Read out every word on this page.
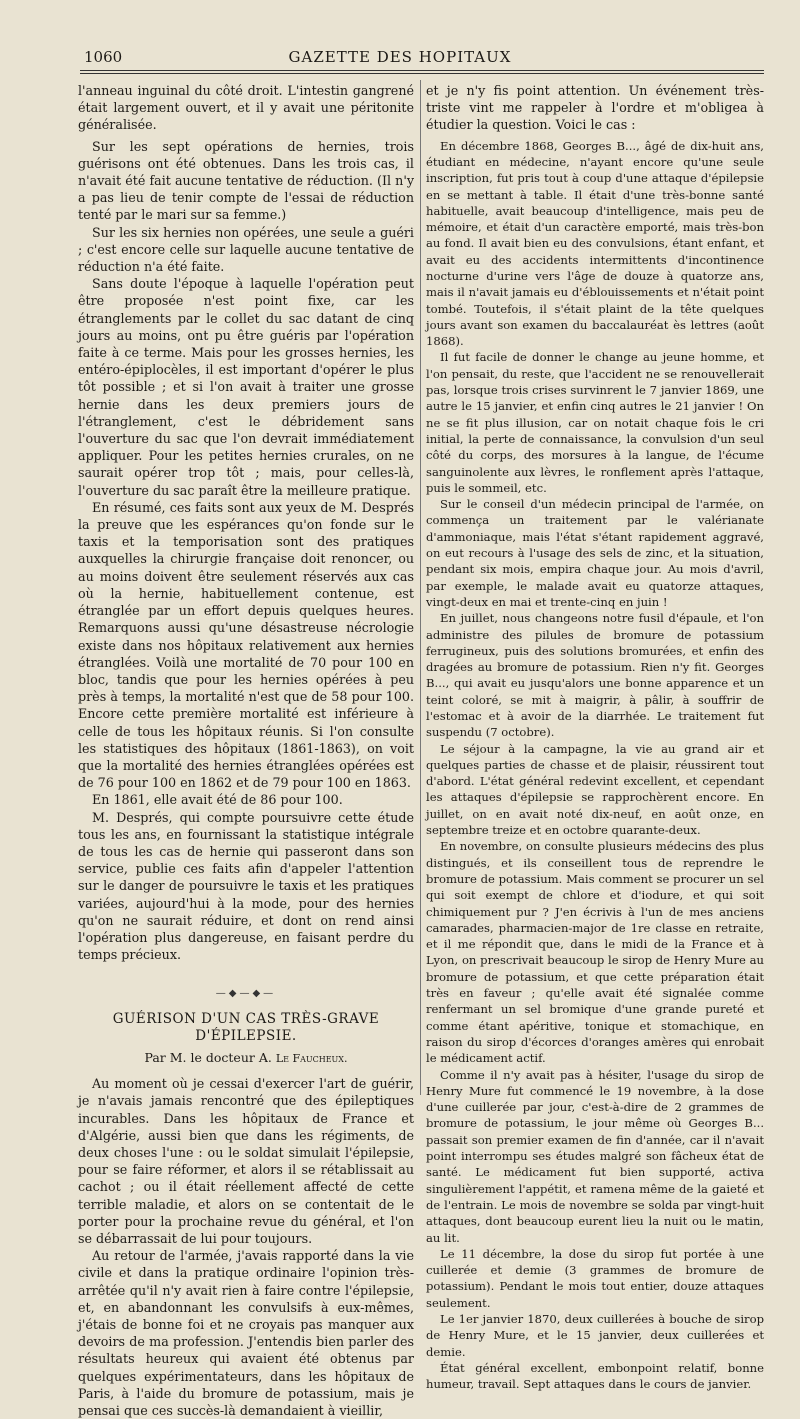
1060	GAZETTE DES HOPITAUX

l'anneau inguinal du côté droit. L'intestin gangrené était largement ouvert, et il y avait une péritonite généralisée.

Sur les sept opérations de hernies, trois guérisons ont été obtenues. Dans les trois cas, il n'avait été fait aucune tentative de réduction. (Il n'y a pas lieu de tenir compte de l'essai de réduction tenté par le mari sur sa femme.)

Sur les six hernies non opérées, une seule a guéri ; c'est encore celle sur laquelle aucune tentative de réduction n'a été faite.

Sans doute l'époque à laquelle l'opération peut être proposée n'est point fixe, car les étranglements par le collet du sac datant de cinq jours au moins, ont pu être guéris par l'opération faite à ce terme. Mais pour les grosses hernies, les entéro-épiplocèles, il est important d'opérer le plus tôt possible ; et si l'on avait à traiter une grosse hernie dans les deux premiers jours de l'étranglement, c'est le débridement sans l'ouverture du sac que l'on devrait immédiatement appliquer. Pour les petites hernies crurales, on ne saurait opérer trop tôt ; mais, pour celles-là, l'ouverture du sac paraît être la meilleure pratique.

En résumé, ces faits sont aux yeux de M. Després la preuve que les espérances qu'on fonde sur le taxis et la temporisation sont des pratiques auxquelles la chirurgie française doit renoncer, ou au moins doivent être seulement réservés aux cas où la hernie, habituellement contenue, est étranglée par un effort depuis quelques heures. Remarquons aussi qu'une désastreuse nécrologie existe dans nos hôpitaux relativement aux hernies étranglées. Voilà une mortalité de 70 pour 100 en bloc, tandis que pour les hernies opérées à peu près à temps, la mortalité n'est que de 58 pour 100. Encore cette première mortalité est inférieure à celle de tous les hôpitaux réunis. Si l'on consulte les statistiques des hôpitaux (1861-1863), on voit que la mortalité des hernies étranglées opérées est de 76 pour 100 en 1862 et de 79 pour 100 en 1863.

En 1861, elle avait été de 86 pour 100.

M. Després, qui compte poursuivre cette étude tous les ans, en fournissant la statistique intégrale de tous les cas de hernie qui passeront dans son service, publie ces faits afin d'appeler l'attention sur le danger de poursuivre le taxis et les pratiques variées, aujourd'hui à la mode, pour des hernies qu'on ne saurait réduire, et dont on rend ainsi l'opération plus dangereuse, en faisant perdre du temps précieux.

—◆—◆—

GUÉRISON D'UN CAS TRÈS-GRAVE D'ÉPILEPSIE.

Par M. le docteur A. Le Faucheux.

Au moment où je cessai d'exercer l'art de guérir, je n'avais jamais rencontré que des épileptiques incurables. Dans les hôpitaux de France et d'Algérie, aussi bien que dans les régiments, de deux choses l'une : ou le soldat simulait l'épilepsie, pour se faire réformer, et alors il se rétablissait au cachot ; ou il était réellement affecté de cette terrible maladie, et alors on se contentait de le porter pour la prochaine revue du général, et l'on se débarrassait de lui pour toujours.

Au retour de l'armée, j'avais rapporté dans la vie civile et dans la pratique ordinaire l'opinion très-arrêtée qu'il n'y avait rien à faire contre l'épilepsie, et, en abandonnant les convulsifs à eux-mêmes, j'étais de bonne foi et ne croyais pas manquer aux devoirs de ma profession. J'entendis bien parler des résultats heureux qui avaient été obtenus par quelques expérimentateurs, dans les hôpitaux de Paris, à l'aide du bromure de potassium, mais je pensai que ces succès-là demandaient à vieillir,

et je n'y fis point attention. Un événement très-triste vint me rappeler à l'ordre et m'obligea à étudier la question. Voici le cas :

En décembre 1868, Georges B..., âgé de dix-huit ans, étudiant en médecine, n'ayant encore qu'une seule inscription, fut pris tout à coup d'une attaque d'épilepsie en se mettant à table. Il était d'une très-bonne santé habituelle, avait beaucoup d'intelligence, mais peu de mémoire, et était d'un caractère emporté, mais très-bon au fond. Il avait bien eu des convulsions, étant enfant, et avait eu des accidents intermittents d'incontinence nocturne d'urine vers l'âge de douze à quatorze ans, mais il n'avait jamais eu d'éblouissements et n'était point tombé. Toutefois, il s'était plaint de la tête quelques jours avant son examen du baccalauréat ès lettres (août 1868).

Il fut facile de donner le change au jeune homme, et l'on pensait, du reste, que l'accident ne se renouvellerait pas, lorsque trois crises survinrent le 7 janvier 1869, une autre le 15 janvier, et enfin cinq autres le 21 janvier ! On ne se fit plus illusion, car on notait chaque fois le cri initial, la perte de connaissance, la convulsion d'un seul côté du corps, des morsures à la langue, de l'écume sanguinolente aux lèvres, le ronflement après l'attaque, puis le sommeil, etc.

Sur le conseil d'un médecin principal de l'armée, on commença un traitement par le valérianate d'ammoniaque, mais l'état s'étant rapidement aggravé, on eut recours à l'usage des sels de zinc, et la situation, pendant six mois, empira chaque jour. Au mois d'avril, par exemple, le malade avait eu quatorze attaques, vingt-deux en mai et trente-cinq en juin !

En juillet, nous changeons notre fusil d'épaule, et l'on administre des pilules de bromure de potassium ferrugineux, puis des solutions bromurées, et enfin des dragées au bromure de potassium. Rien n'y fit. Georges B..., qui avait eu jusqu'alors une bonne apparence et un teint coloré, se mit à maigrir, à pâlir, à souffrir de l'estomac et à avoir de la diarrhée. Le traitement fut suspendu (7 octobre).

Le séjour à la campagne, la vie au grand air et quelques parties de chasse et de plaisir, réussirent tout d'abord. L'état général redevint excellent, et cependant les attaques d'épilepsie se rapprochèrent encore. En juillet, on en avait noté dix-neuf, en août onze, en septembre treize et en octobre quarante-deux.

En novembre, on consulte plusieurs médecins des plus distingués, et ils conseillent tous de reprendre le bromure de potassium. Mais comment se procurer un sel qui soit exempt de chlore et d'iodure, et qui soit chimiquement pur ? J'en écrivis à l'un de mes anciens camarades, pharmacien-major de 1re classe en retraite, et il me répondit que, dans le midi de la France et à Lyon, on prescrivait beaucoup le sirop de Henry Mure au bromure de potassium, et que cette préparation était très en faveur ; qu'elle avait été signalée comme renfermant un sel bromique d'une grande pureté et comme étant apéritive, tonique et stomachique, en raison du sirop d'écorces d'oranges amères qui enrobait le médicament actif.

Comme il n'y avait pas à hésiter, l'usage du sirop de Henry Mure fut commencé le 19 novembre, à la dose d'une cuillerée par jour, c'est-à-dire de 2 grammes de bromure de potassium, le jour même où Georges B... passait son premier examen de fin d'année, car il n'avait point interrompu ses études malgré son fâcheux état de santé. Le médicament fut bien supporté, activa singulièrement l'appétit, et ramena même de la gaieté et de l'entrain. Le mois de novembre se solda par vingt-huit attaques, dont beaucoup eurent lieu la nuit ou le matin, au lit.

Le 11 décembre, la dose du sirop fut portée à une cuillerée et demie (3 grammes de bromure de potassium). Pendant le mois tout entier, douze attaques seulement.

Le 1er janvier 1870, deux cuillerées à bouche de sirop de Henry Mure, et le 15 janvier, deux cuillerées et demie.

État général excellent, embonpoint relatif, bonne humeur, travail. Sept attaques dans le cours de janvier.
